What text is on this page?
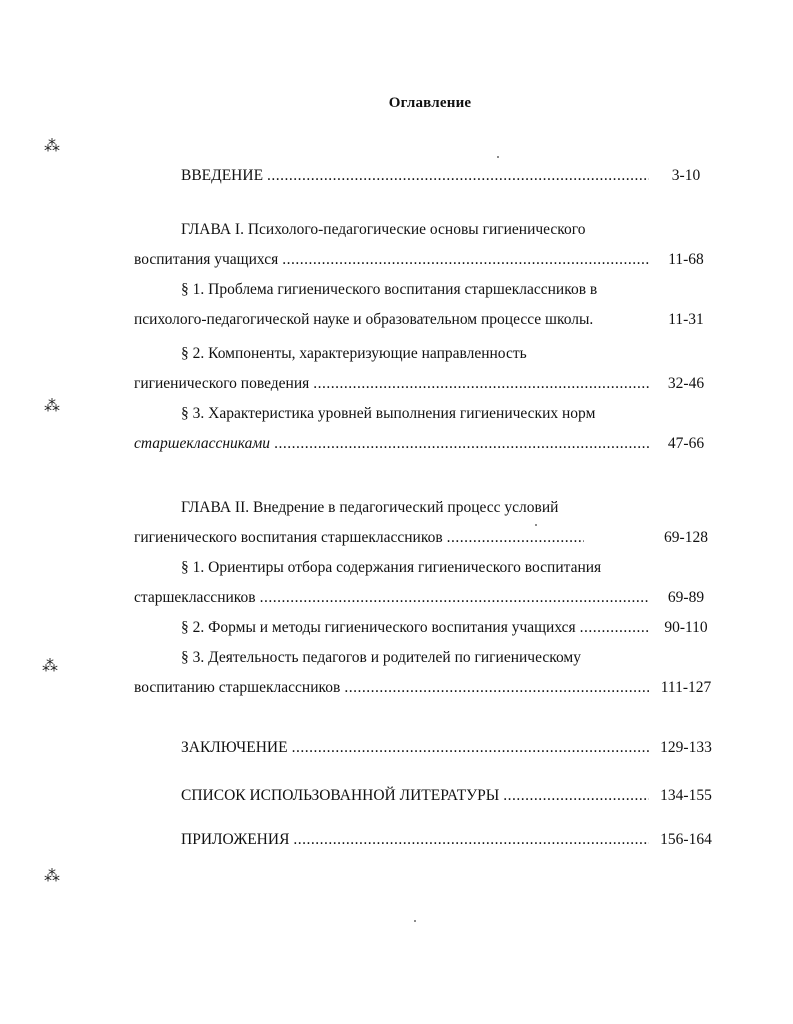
Оглавление
ВВЕДЕНИЕ .....	3-10
ГЛАВА I. Психолого-педагогические основы гигиенического
воспитания учащихся .....	11-68
§ 1. Проблема гигиенического воспитания старшеклассников в
психолого-педагогической науке и образовательном процессе школы.	11-31
§ 2. Компоненты, характеризующие направленность
гигиенического поведения .....	32-46
§ 3. Характеристика уровней выполнения гигиенических норм
старшеклассниками .....	47-66
ГЛАВА II. Внедрение в педагогический процесс условий
гигиенического воспитания старшеклассников .....	69-128
§ 1. Ориентиры отбора содержания гигиенического воспитания
старшеклассников .....	69-89
§ 2. Формы и методы гигиенического воспитания учащихся .....	90-110
§ 3. Деятельность педагогов и родителей по гигиеническому
воспитанию старшеклассников .....	111-127
ЗАКЛЮЧЕНИЕ .....	129-133
СПИСОК ИСПОЛЬЗОВАННОЙ ЛИТЕРАТУРЫ .....	134-155
ПРИЛОЖЕНИЯ .....	156-164
⁂
⁂
⁂
⁂
